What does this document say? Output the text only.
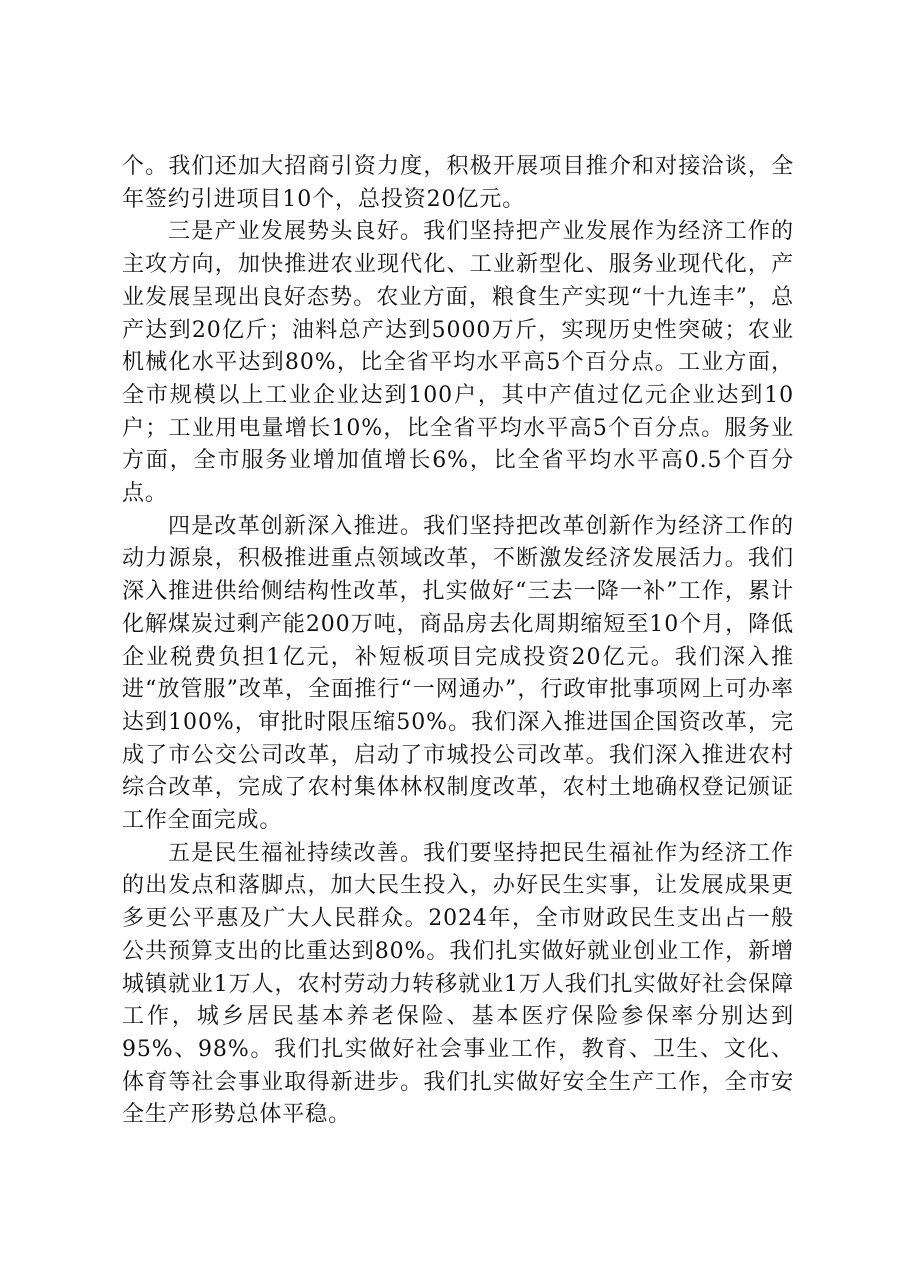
个。我们还加大招商引资力度，积极开展项目推介和对接洽谈，全年签约引进项目10个，总投资20亿元。

三是产业发展势头良好。我们坚持把产业发展作为经济工作的主攻方向，加快推进农业现代化、工业新型化、服务业现代化，产业发展呈现出良好态势。农业方面，粮食生产实现“十九连丰”，总产达到20亿斤；油料总产达到5000万斤，实现历史性突破；农业机械化水平达到80%，比全省平均水平高5个百分点。工业方面，全市规模以上工业企业达到100户，其中产值过亿元企业达到10户；工业用电量增长10%，比全省平均水平高5个百分点。服务业方面，全市服务业增加值增长6%，比全省平均水平高0.5个百分点。

四是改革创新深入推进。我们坚持把改革创新作为经济工作的动力源泉，积极推进重点领域改革，不断激发经济发展活力。我们深入推进供给侧结构性改革，扎实做好“三去一降一补”工作，累计化解煤炭过剩产能200万吨，商品房去化周期缩短至10个月，降低企业税费负担1亿元，补短板项目完成投资20亿元。我们深入推进“放管服”改革，全面推行“一网通办”，行政审批事项网上可办率达到100%，审批时限压缩50%。我们深入推进国企国资改革，完成了市公交公司改革，启动了市城投公司改革。我们深入推进农村综合改革，完成了农村集体林权制度改革，农村土地确权登记颁证工作全面完成。

五是民生福祉持续改善。我们要坚持把民生福祉作为经济工作的出发点和落脚点，加大民生投入，办好民生实事，让发展成果更多更公平惠及广大人民群众。2024年，全市财政民生支出占一般公共预算支出的比重达到80%。我们扎实做好就业创业工作，新增城镇就业1万人，农村劳动力转移就业1万人我们扎实做好社会保障工作，城乡居民基本养老保险、基本医疗保险参保率分别达到95%、98%。我们扎实做好社会事业工作，教育、卫生、文化、体育等社会事业取得新进步。我们扎实做好安全生产工作，全市安全生产形势总体平稳。
